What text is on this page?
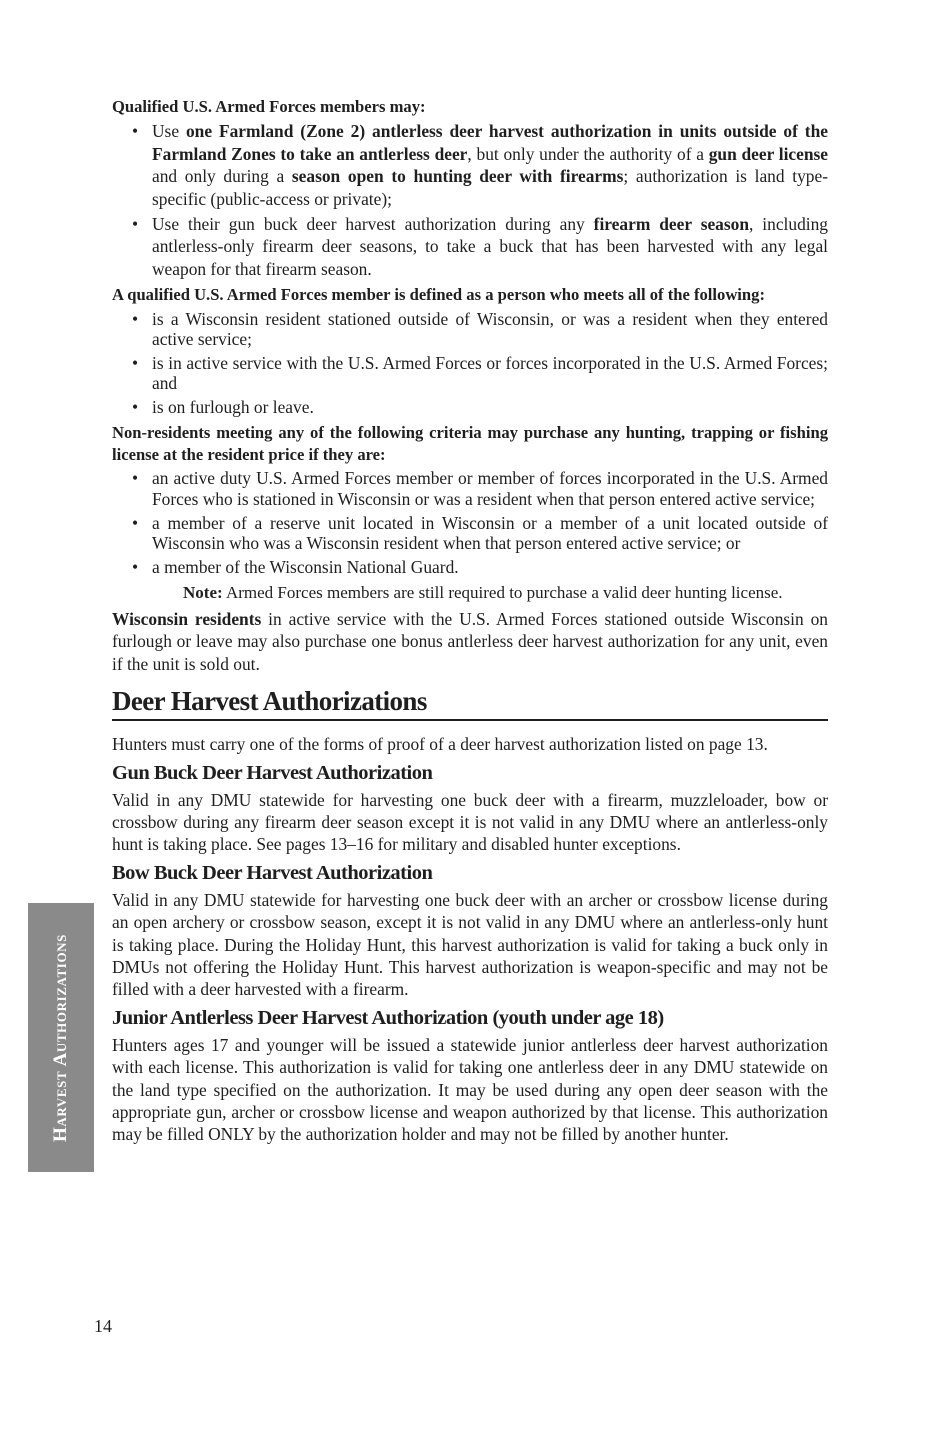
Qualified U.S. Armed Forces members may:

• Use one Farmland (Zone 2) antlerless deer harvest authorization in units outside of the Farmland Zones to take an antlerless deer, but only under the authority of a gun deer license and only during a season open to hunting deer with firearms; authorization is land type-specific (public-access or private);
• Use their gun buck deer harvest authorization during any firearm deer season, including antlerless-only firearm deer seasons, to take a buck that has been harvested with any legal weapon for that firearm season.

A qualified U.S. Armed Forces member is defined as a person who meets all of the following:

• is a Wisconsin resident stationed outside of Wisconsin, or was a resident when they entered active service;
• is in active service with the U.S. Armed Forces or forces incorporated in the U.S. Armed Forces; and
• is on furlough or leave.

Non-residents meeting any of the following criteria may purchase any hunting, trapping or fishing license at the resident price if they are:

• an active duty U.S. Armed Forces member or member of forces incorporated in the U.S. Armed Forces who is stationed in Wisconsin or was a resident when that person entered active service;
• a member of a reserve unit located in Wisconsin or a member of a unit located outside of Wisconsin who was a Wisconsin resident when that person entered active service; or
• a member of the Wisconsin National Guard.

Note: Armed Forces members are still required to purchase a valid deer hunting license.

Wisconsin residents in active service with the U.S. Armed Forces stationed outside Wisconsin on furlough or leave may also purchase one bonus antlerless deer harvest authorization for any unit, even if the unit is sold out.

Deer Harvest Authorizations

Hunters must carry one of the forms of proof of a deer harvest authorization listed on page 13.

Gun Buck Deer Harvest Authorization

Valid in any DMU statewide for harvesting one buck deer with a firearm, muzzleloader, bow or crossbow during any firearm deer season except it is not valid in any DMU where an antlerless-only hunt is taking place. See pages 13–16 for military and disabled hunter exceptions.

Bow Buck Deer Harvest Authorization

Valid in any DMU statewide for harvesting one buck deer with an archer or crossbow license during an open archery or crossbow season, except it is not valid in any DMU where an antlerless-only hunt is taking place. During the Holiday Hunt, this harvest authorization is valid for taking a buck only in DMUs not offering the Holiday Hunt. This harvest authorization is weapon-specific and may not be filled with a deer harvested with a firearm.

Junior Antlerless Deer Harvest Authorization (youth under age 18)

Hunters ages 17 and younger will be issued a statewide junior antlerless deer harvest authorization with each license. This authorization is valid for taking one antlerless deer in any DMU statewide on the land type specified on the authorization. It may be used during any open deer season with the appropriate gun, archer or crossbow license and weapon authorized by that license. This authorization may be filled ONLY by the authorization holder and may not be filled by another hunter.

Harvest Authorizations
14
